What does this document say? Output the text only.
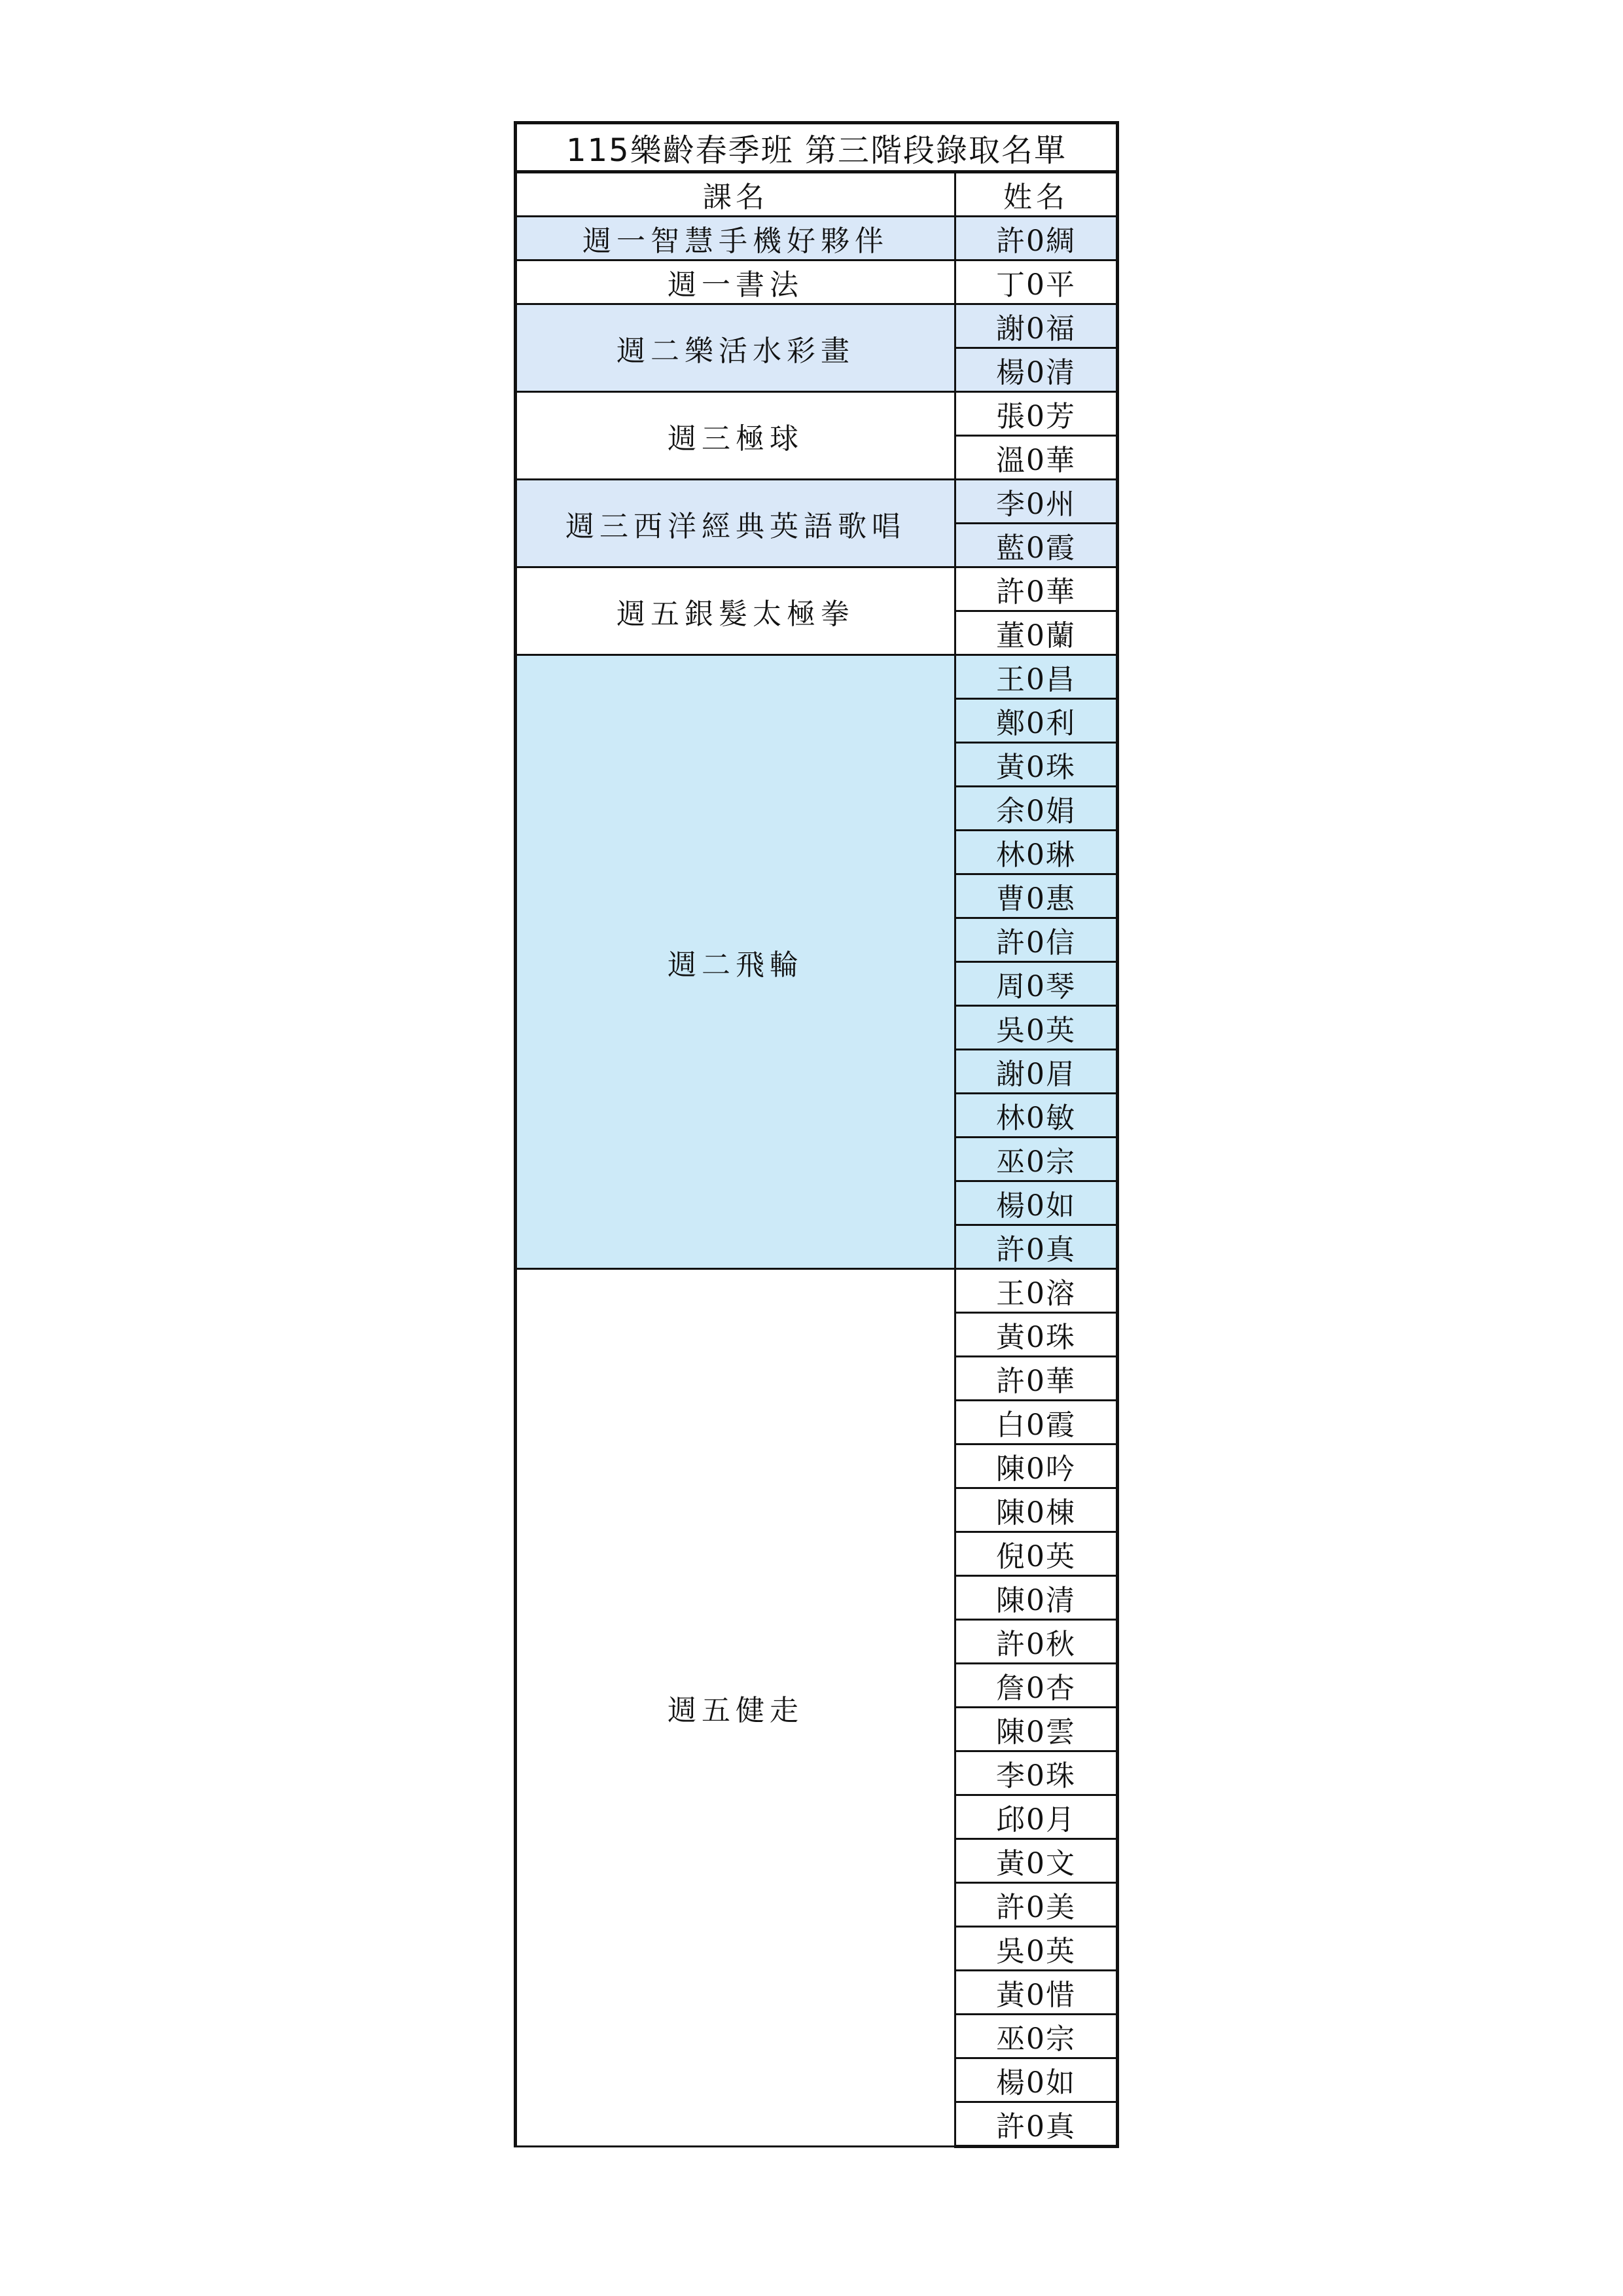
115樂齡春季班 第三階段錄取名單	
課名	姓名
週一智慧手機好夥伴	許0綢
週一書法	丁0平
週二樂活水彩畫	謝0福
	楊0清
週三極球	張0芳
	溫0華
週三西洋經典英語歌唱	李0州
	藍0霞
週五銀髮太極拳	許0華
	董0蘭
週二飛輪	王0昌
	鄭0利
	黃0珠
	余0娟
	林0琳
	曹0惠
	許0信
	周0琴
	吳0英
	謝0眉
	林0敏
	巫0宗
	楊0如
	許0真
週五健走	王0溶
	黃0珠
	許0華
	白0霞
	陳0吟
	陳0棟
	倪0英
	陳0清
	許0秋
	詹0杏
	陳0雲
	李0珠
	邱0月
	黃0文
	許0美
	吳0英
	黃0惜
	巫0宗
	楊0如
	許0真
